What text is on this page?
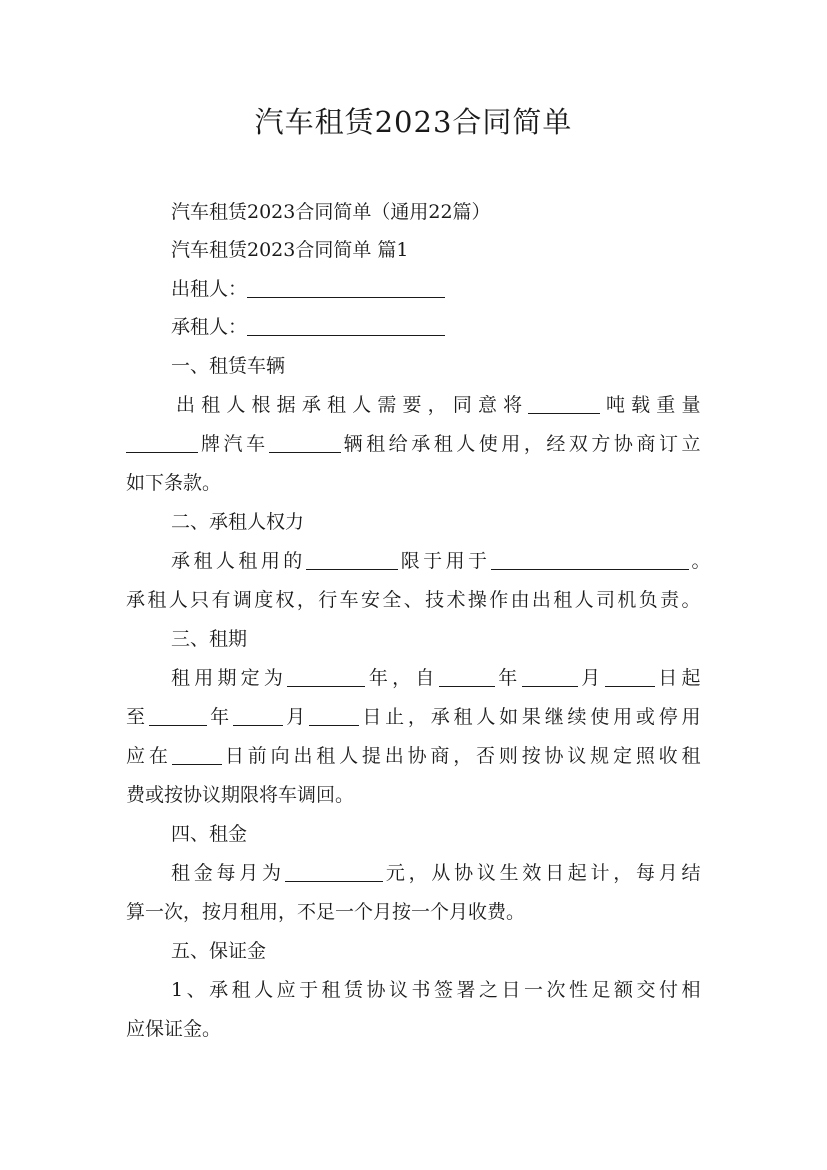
汽车租赁2023合同简单
汽车租赁2023合同简单（通用22篇）
汽车租赁2023合同简单 篇1
出租人：
承租人：
一、租赁车辆
出租人根据承租人需要，同意将	吨载重量
牌汽车	辆租给承租人使用，经双方协商订立
如下条款。
二、承租人权力
承租人租用的	限于用于	。
承租人只有调度权，行车安全、技术操作由出租人司机负责。
三、租期
租用期定为	年，自	年	月	日起
至	年	月	日止，承租人如果继续使用或停用
应在	日前向出租人提出协商，否则按协议规定照收租
费或按协议期限将车调回。
四、租金
租金每月为	元，从协议生效日起计，每月结
算一次，按月租用，不足一个月按一个月收费。
五、保证金
1、承租人应于租赁协议书签署之日一次性足额交付相
应保证金。
